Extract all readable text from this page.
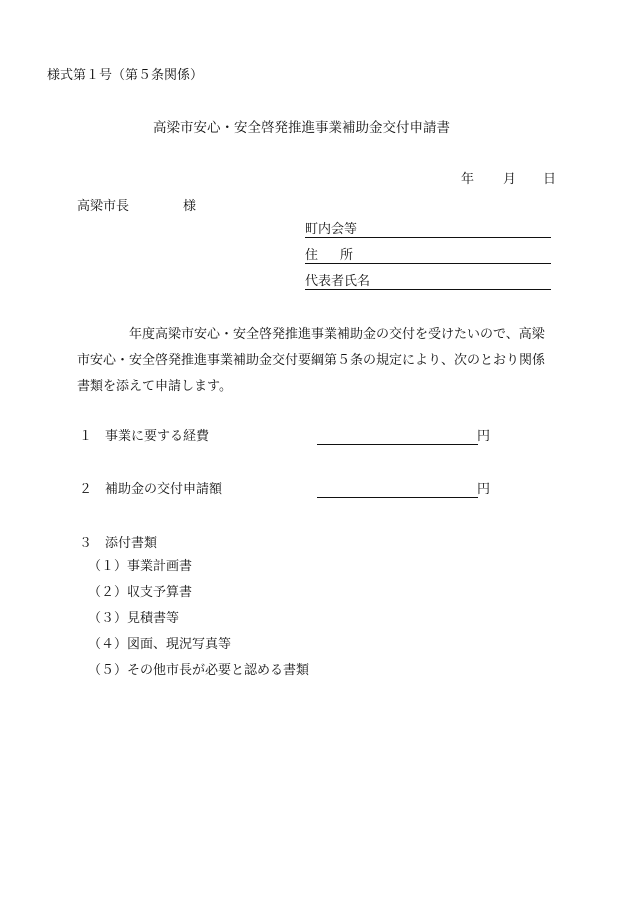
様式第１号（第５条関係）
高梁市安心・安全啓発推進事業補助金交付申請書
年 月 日
高梁市長	様
町内会等
住 所
代表者氏名
　　　　年度高梁市安心・安全啓発推進事業補助金の交付を受けたいので、高梁市安心・安全啓発推進事業補助金交付要綱第５条の規定により、次のとおり関係書類を添えて申請します。
１　事業に要する経費	円
２　補助金の交付申請額	円
３　添付書類
（１）事業計画書
（２）収支予算書
（３）見積書等
（４）図面、現況写真等
（５）その他市長が必要と認める書類
